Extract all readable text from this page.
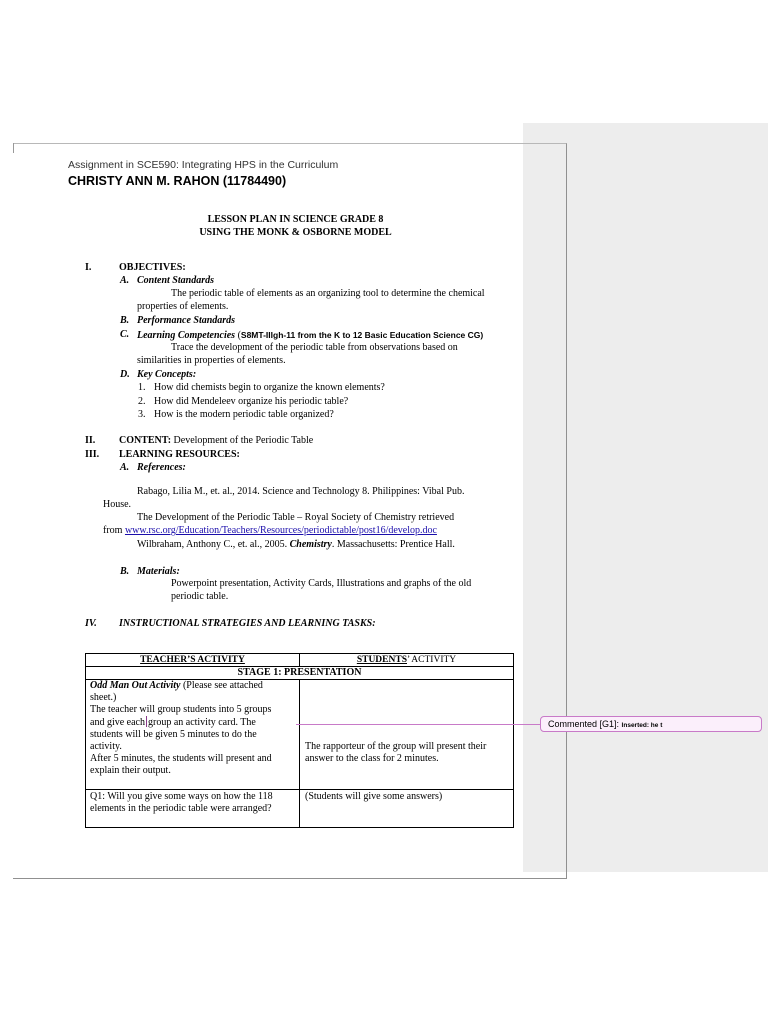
Assignment in SCE590: Integrating HPS in the Curriculum
CHRISTY ANN M. RAHON (11784490)
LESSON PLAN IN SCIENCE GRADE 8
USING THE MONK & OSBORNE MODEL
I.	OBJECTIVES:
A. Content Standards
The periodic table of elements as an organizing tool to determine the chemical
properties of elements.
B. Performance Standards
C. Learning Competencies (S8MT-IIIgh-11 from the K to 12 Basic Education Science CG)
Trace the development of the periodic table from observations based on
similarities in properties of elements.
D. Key Concepts:
1. How did chemists begin to organize the known elements?
2. How did Mendeleev organize his periodic table?
3. How is the modern periodic table organized?
II. CONTENT: Development of the Periodic Table
III. LEARNING RESOURCES:
A. References:
Rabago, Lilia M., et. al., 2014. Science and Technology 8. Philippines: Vibal Pub.
House.
The Development of the Periodic Table – Royal Society of Chemistry retrieved
from www.rsc.org/Education/Teachers/Resources/periodictable/post16/develop.doc
Wilbraham, Anthony C., et. al., 2005. Chemistry. Massachusetts: Prentice Hall.
B. Materials:
Powerpoint presentation, Activity Cards, Illustrations and graphs of the old
periodic table.
IV. INSTRUCTIONAL STRATEGIES AND LEARNING TASKS:
TEACHER’S ACTIVITY	STUDENTS’ ACTIVITY
STAGE 1: PRESENTATION
Odd Man Out Activity (Please see attached
sheet.)
The teacher will group students into 5 groups
and give each group an activity card. The
students will be given 5 minutes to do the
activity.
After 5 minutes, the students will present and
explain their output.
The rapporteur of the group will present their
answer to the class for 2 minutes.
Q1: Will you give some ways on how the 118
elements in the periodic table were arranged?
(Students will give some answers)
Commented [G1]: Inserted: he t
